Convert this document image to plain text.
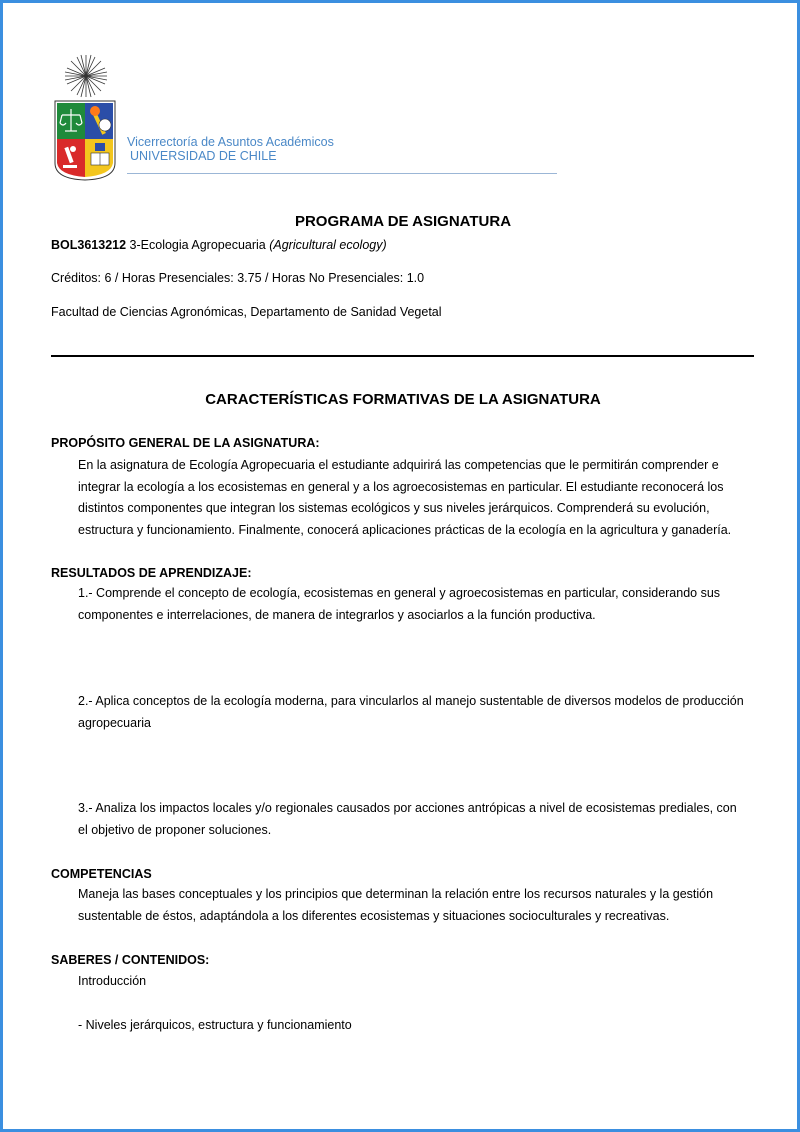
Vicerrectoría de Asuntos Académicos
UNIVERSIDAD DE CHILE
PROGRAMA DE ASIGNATURA
BOL3613212 3-Ecologia Agropecuaria (Agricultural ecology)
Créditos: 6 / Horas Presenciales: 3.75 / Horas No Presenciales: 1.0
Facultad de Ciencias Agronómicas, Departamento de Sanidad Vegetal
CARACTERÍSTICAS FORMATIVAS DE LA ASIGNATURA
PROPÓSITO GENERAL DE LA ASIGNATURA:
En la asignatura de Ecología Agropecuaria el estudiante adquirirá las competencias que le permitirán comprender e integrar la ecología a los ecosistemas en general y a los agroecosistemas en particular. El estudiante reconocerá los distintos componentes que integran los sistemas ecológicos y sus niveles jerárquicos. Comprenderá su evolución, estructura y funcionamiento. Finalmente, conocerá aplicaciones prácticas de la ecología en la agricultura y ganadería.
RESULTADOS DE APRENDIZAJE:
1.- Comprende el concepto de ecología, ecosistemas en general y agroecosistemas en particular, considerando sus componentes e interrelaciones, de manera de integrarlos y asociarlos a la función productiva.
2.- Aplica conceptos de la ecología moderna, para vincularlos al manejo sustentable de diversos modelos de producción agropecuaria
3.- Analiza los impactos locales y/o regionales causados por acciones antrópicas a nivel de ecosistemas prediales, con el objetivo de proponer soluciones.
COMPETENCIAS
Maneja las bases conceptuales y los principios que determinan la relación entre los recursos naturales y la gestión sustentable de éstos, adaptándola a los diferentes ecosistemas y situaciones socioculturales y recreativas.
SABERES / CONTENIDOS:
Introducción
- Niveles jerárquicos, estructura y funcionamiento
